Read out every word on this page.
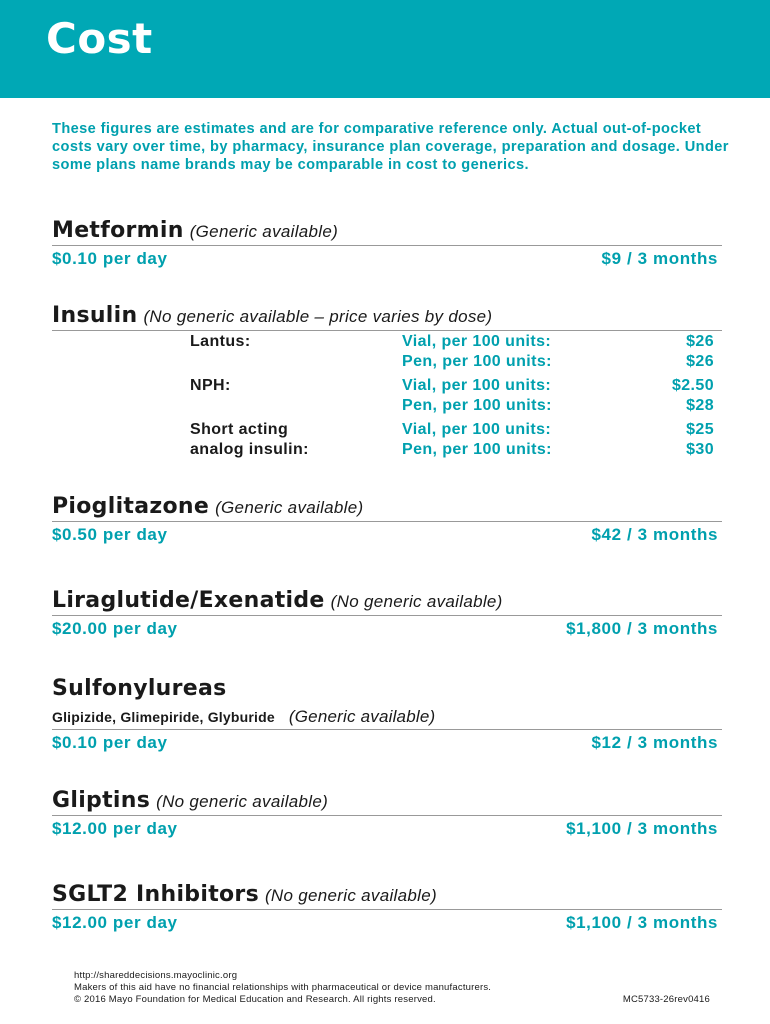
Cost
These figures are estimates and are for comparative reference only. Actual out-of-pocket costs vary over time, by pharmacy, insurance plan coverage, preparation and dosage. Under some plans name brands may be comparable in cost to generics.
Metformin (Generic available)
$0.10 per day	$9 / 3 months
Insulin (No generic available – price varies by dose)
Lantus:	Vial, per 100 units:	$26
Pen, per 100 units:	$26
NPH:	Vial, per 100 units:	$2.50
Pen, per 100 units:	$28
Short acting	Vial, per 100 units:	$25
analog insulin:	Pen, per 100 units:	$30
Pioglitazone (Generic available)
$0.50 per day	$42 / 3 months
Liraglutide/Exenatide (No generic available)
$20.00 per day	$1,800 / 3 months
Sulfonylureas
Glipizide, Glimepiride, Glyburide (Generic available)
$0.10 per day	$12 / 3 months
Gliptins (No generic available)
$12.00 per day	$1,100 / 3 months
SGLT2 Inhibitors (No generic available)
$12.00 per day	$1,100 / 3 months
http://shareddecisions.mayoclinic.org
Makers of this aid have no financial relationships with pharmaceutical or device manufacturers.
© 2016 Mayo Foundation for Medical Education and Research. All rights reserved.	MC5733-26rev0416
